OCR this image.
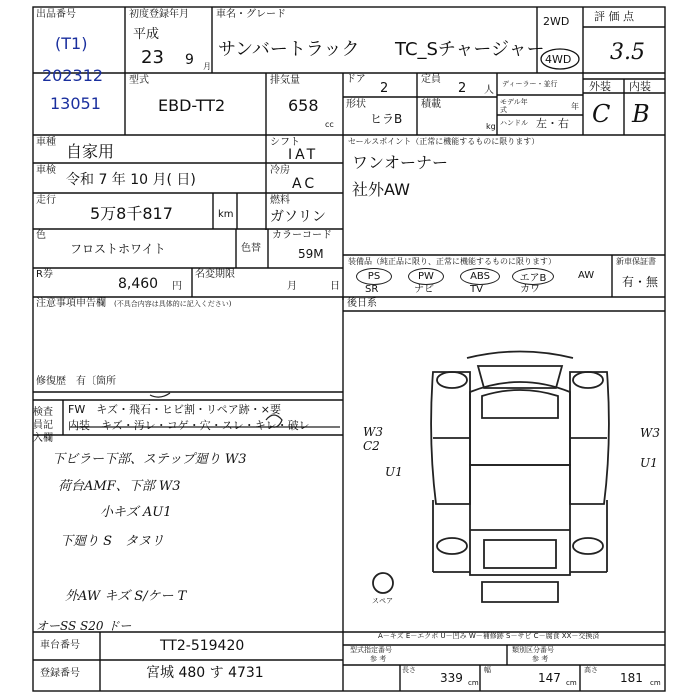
出品番号
(T1)
202312
13051
初度登録年月
平成
23 9 月
車名・グレード
サンバートラック TC_Sチャージャー
2WD
4WD
評 価 点
3.5
型式
EBD-TT2
排気量
658
cc
ドア
2
定員
2 人
ディーラー・並行
モデル年式	年
形状
ヒラB
積載
kg ハンドル 左・右
外装 内装
C B
車種 自家用	シフト
IAT
車検
令和 7 年 10 月( 日)
冷房
AC
走行
5万8千817	km
燃料
ガソリン
色
フロストホワイト	色替
カラーコード
59M
R券
8,460 円
名変期限
月	日
セールスポイント（正常に機能するものに限ります）
ワンオーナー
社外AW
装備品（純正品に限り、正常に機能するものに限ります）
PS	PW	ABS	エアB	AW
SR	ナビ	TV	カワ
新車保証書
有・無
注意事項申告欄 (不具合内容は具体的に記入ください)	後日系
修復歴　有〔箇所
検査員記入欄
FW　キズ・飛石・ヒビ割・リペア跡・×要
内装　キズ・汚レ・コゲ・穴・スレ・キレ・破レ
下ビラー下部、ステップ廻り W3
荷台AMF、下部 W3
小キズ AU1
下廻り S　タヌリ
外AW キズ S/ケー T
オーSS S20 ドー
W3
C2
U1
W3
U1
スペア
A－キズ E－エクボ U－凹み W－補修跡 S－サビ C－腐食 XX－交換済
車台番号	TT2-519420
登録番号	宮城 480 す 4731
型式指定番号
参 考
類別区分番号
参 考
長さ
339 cm
幅
147 cm
高さ
181 cm
